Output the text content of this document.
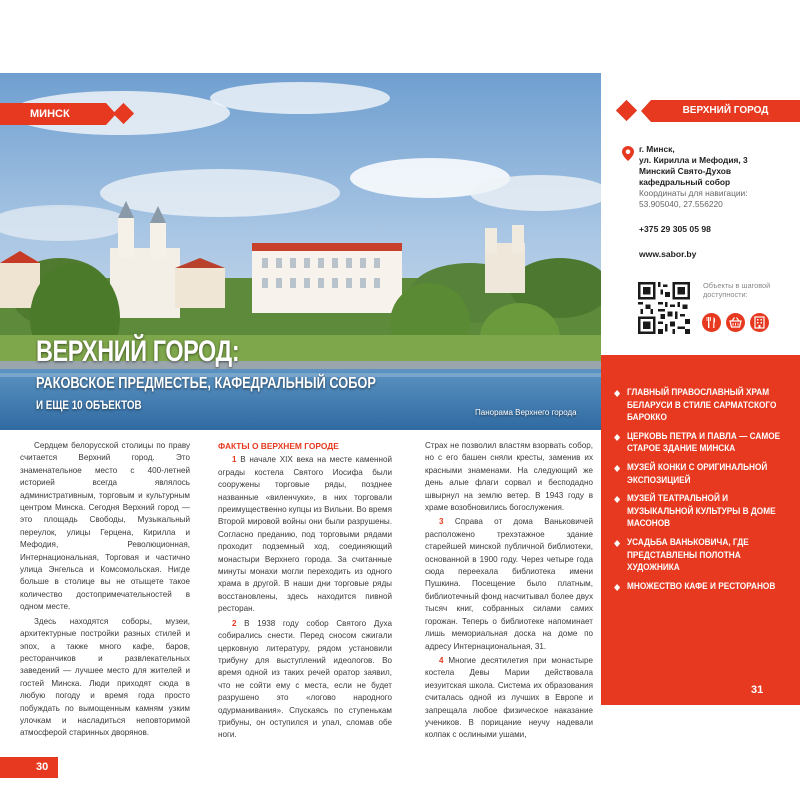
МИНСК
ВЕРХНИЙ ГОРОД:
РАКОВСКОЕ ПРЕДМЕСТЬЕ, КАФЕДРАЛЬНЫЙ СОБОР
И ЕЩЕ 10 ОБЪЕКТОВ
Панорама Верхнего города

Сердцем белорусской столицы по праву считается Верхний город. Это знаменательное место с 400-летней историей всегда являлось административным, торговым и культурным центром Минска. Сегодня Верхний город — это площадь Свободы, Музыкальный переулок, улицы Герцена, Кирилла и Мефодия, Революционная, Интернациональная, Торговая и частично улица Энгельса и Комсомольская. Нигде больше в столице вы не отыщете такое количество достопримечательностей в одном месте.

Здесь находятся соборы, музеи, архитектурные постройки разных стилей и эпох, а также много кафе, баров, ресторанчиков и развлекательных заведений — лучшее место для жителей и гостей Минска. Люди приходят сюда в любую погоду и время года просто побуждать по вымощенным камням узким улочкам и насладиться неповторимой атмосферой старинных дворянов.

ФАКТЫ О ВЕРХНЕМ ГОРОДЕ

1 В начале XIX века на месте каменной ограды костела Святого Иосифа были сооружены торговые ряды, позднее названные «виленчуки», в них торговали преимущественно купцы из Вильни. Во время Второй мировой войны они были разрушены. Согласно преданию, под торговыми рядами проходит подземный ход, соединяющий монастыри Верхнего города. За считанные минуты монахи могли переходить из одного храма в другой. В наши дни торговые ряды восстановлены, здесь находится пивной ресторан.

2 В 1938 году собор Святого Духа собирались снести. Перед сносом сжигали церковную литературу, рядом установили трибуну для выступлений идеологов. Во время одной из таких речей оратор заявил, что не сойти ему с места, если не будет разрушено это «логово народного одурманивания». Спускаясь по ступенькам трибуны, он оступился и упал, сломав обе ноги.

Страх не позволил властям взорвать собор, но с его башен сняли кресты, заменив их красными знаменами. На следующий же день алые флаги сорвал и бесподадно швырнул на землю ветер. В 1943 году в храме возобновились богослужения.

3 Справа от дома Ваньковичей расположено трехэтажное здание старейшей минской публичной библиотеки, основанной в 1900 году. Через четыре года сюда переехала библиотека имени Пушкина. Посещение было платным, библиотечный фонд насчитывал более двух тысяч книг, собранных силами самих горожан. Теперь о библиотеке напоминает лишь мемориальная доска на доме по адресу Интернациональная, 31.

4 Многие десятилетия при монастыре костела Девы Марии действовала иезуитская школа. Система их образования считалась одной из лучших в Европе и запрещала любое физическое наказание учеников. В порицание неучу надевали колпак с ослиными ушами,

30
ВЕРХНИЙ ГОРОД
г. Минск,
ул. Кирилла и Мефодия, 3
Минский Свято-Духов
кафедральный собор
Координаты для навигации:
53.905040, 27.556220
+375 29 305 05 98
www.sabor.by
Объекты в шаговой
доступности:
ГЛАВНЫЙ ПРАВОСЛАВНЫЙ ХРАМ БЕЛАРУСИ В СТИЛЕ САРМАТСКОГО БАРОККО
ЦЕРКОВЬ ПЕТРА И ПАВЛА — САМОЕ СТАРОЕ ЗДАНИЕ МИНСКА
МУЗЕЙ КОНКИ С ОРИГИНАЛЬНОЙ ЭКСПОЗИЦИЕЙ
МУЗЕЙ ТЕАТРАЛЬНОЙ И МУЗЫКАЛЬНОЙ КУЛЬТУРЫ В ДОМЕ МАСОНОВ
УСАДЬБА ВАНЬКОВИЧА, ГДЕ ПРЕДСТАВЛЕНЫ ПОЛОТНА ХУДОЖНИКА
МНОЖЕСТВО КАФЕ И РЕСТОРАНОВ
31
